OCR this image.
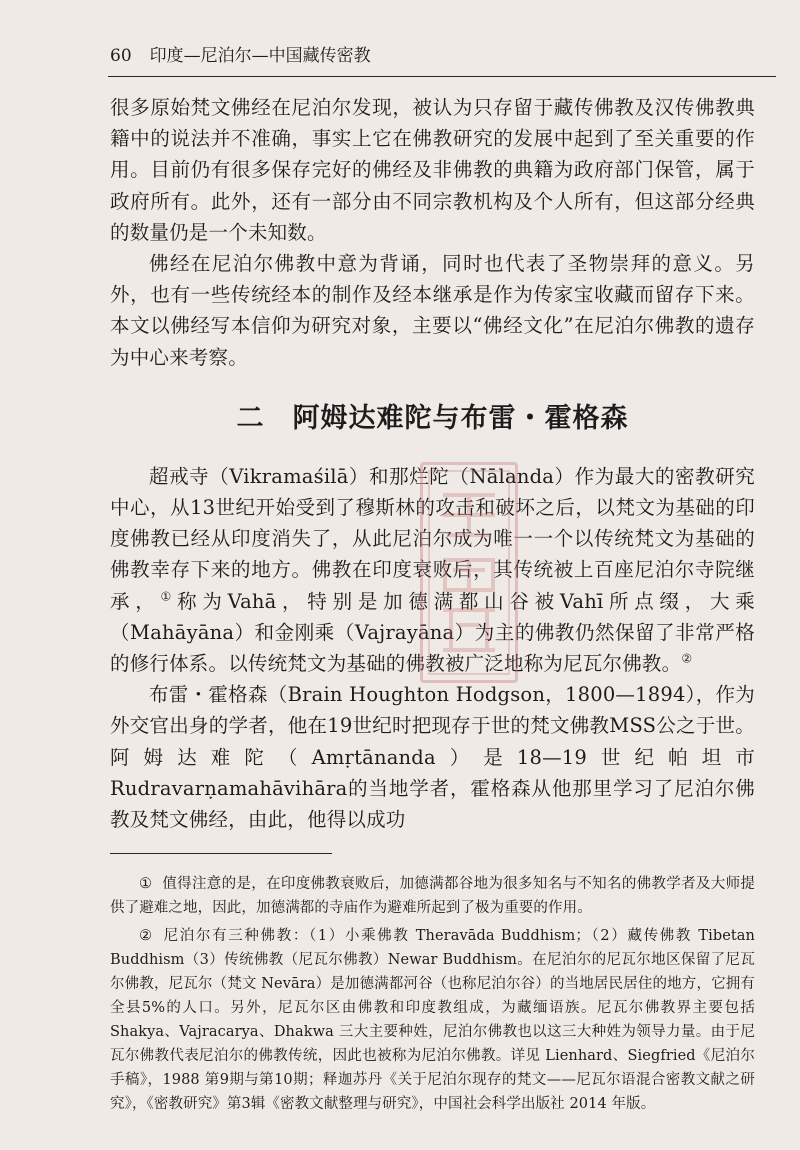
60 印度—尼泊尔—中国藏传密教

很多原始梵文佛经在尼泊尔发现，被认为只存留于藏传佛教及汉传佛教典籍中的说法并不准确，事实上它在佛教研究的发展中起到了至关重要的作用。目前仍有很多保存完好的佛经及非佛教的典籍为政府部门保管，属于政府所有。此外，还有一部分由不同宗教机构及个人所有，但这部分经典的数量仍是一个未知数。

佛经在尼泊尔佛教中意为背诵，同时也代表了圣物崇拜的意义。另外，也有一些传统经本的制作及经本继承是作为传家宝收藏而留存下来。本文以佛经写本信仰为研究对象，主要以“佛经文化”在尼泊尔佛教的遗存为中心来考察。

二 阿姆达难陀与布雷・霍格森

超戒寺（Vikramaśilā）和那烂陀（Nālanda）作为最大的密教研究中心，从13世纪开始受到了穆斯林的攻击和破坏之后，以梵文为基础的印度佛教已经从印度消失了，从此尼泊尔成为唯一一个以传统梵文为基础的佛教幸存下来的地方。佛教在印度衰败后，其传统被上百座尼泊尔寺院继承，①称为Vahā，特别是加德满都山谷被Vahī所点缀，大乘（Mahāyāna）和金刚乘（Vajrayāna）为主的佛教仍然保留了非常严格的修行体系。以传统梵文为基础的佛教被广泛地称为尼瓦尔佛教。②

布雷・霍格森（Brain Houghton Hodgson，1800—1894），作为外交官出身的学者，他在19世纪时把现存于世的梵文佛教MSS公之于世。阿姆达难陀（Amṛtānanda）是18—19世纪帕坦市Rudravarṇamahāvihāra的当地学者，霍格森从他那里学习了尼泊尔佛教及梵文佛经，由此，他得以成功

① 值得注意的是，在印度佛教衰败后，加德满都谷地为很多知名与不知名的佛教学者及大师提供了避难之地，因此，加德满都的寺庙作为避难所起到了极为重要的作用。

② 尼泊尔有三种佛教：（1）小乘佛教 Theravāda Buddhism；（2）藏传佛教 Tibetan Buddhism（3）传统佛教（尼瓦尔佛教）Newar Buddhism。在尼泊尔的尼瓦尔地区保留了尼瓦尔佛教，尼瓦尔（梵文 Nevāra）是加德满都河谷（也称尼泊尔谷）的当地居民居住的地方，它拥有全县5%的人口。另外，尼瓦尔区由佛教和印度教组成，为藏缅语族。尼瓦尔佛教界主要包括 Shakya、Vajracarya、Dhakwa 三大主要种姓，尼泊尔佛教也以这三大种姓为领导力量。由于尼瓦尔佛教代表尼泊尔的佛教传统，因此也被称为尼泊尔佛教。详见 Lienhard、Siegfried《尼泊尔手稿》，1988 第9期与第10期；释迦苏丹《关于尼泊尔现存的梵文——尼瓦尔语混合密教文献之研究》，《密教研究》第3辑《密教文献整理与研究》，中国社会科学出版社 2014 年版。
